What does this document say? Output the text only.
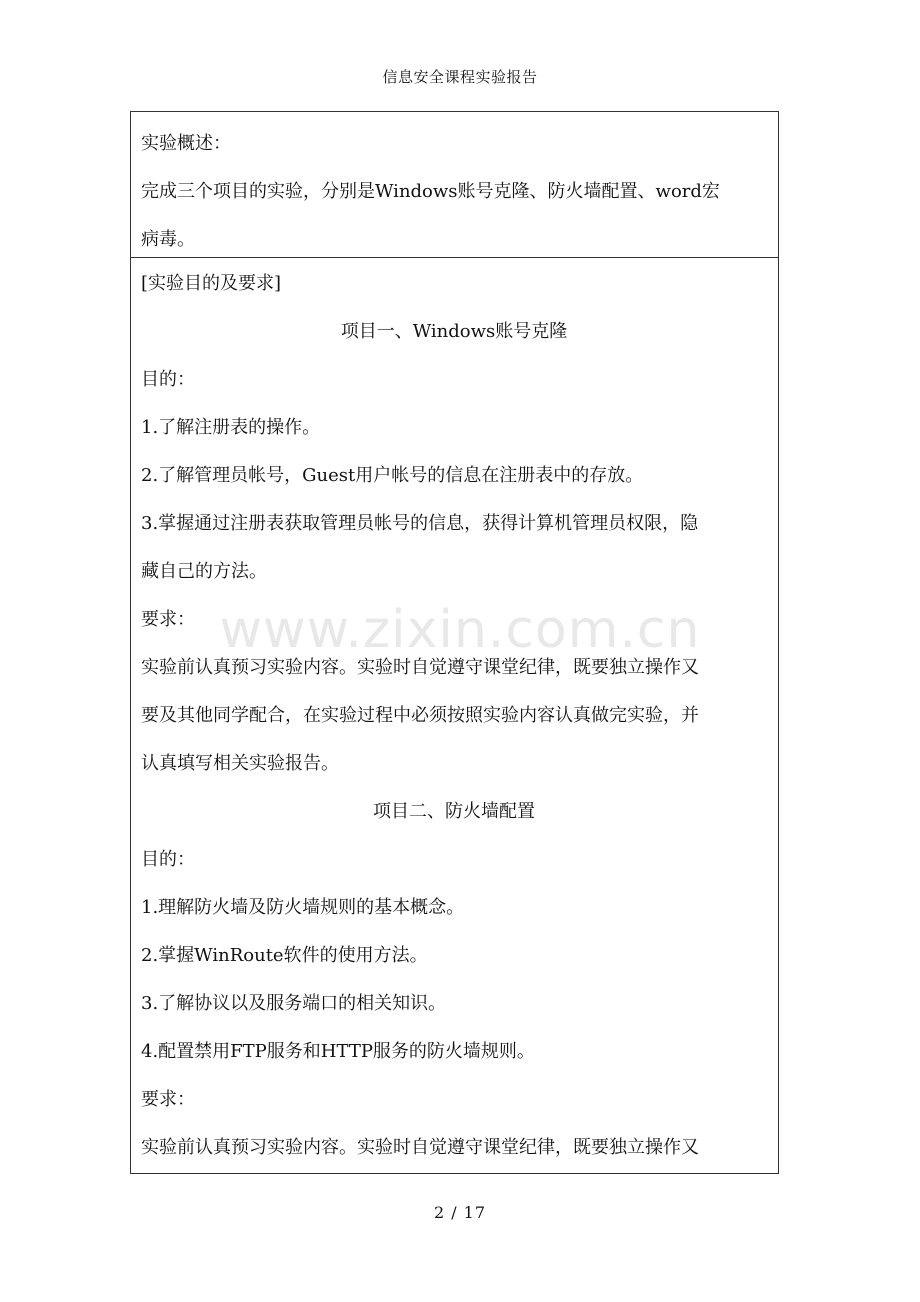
信息安全课程实验报告
实验概述：
完成三个项目的实验，分别是Windows账号克隆、防火墙配置、word宏
病毒。
[实验目的及要求]
项目一、Windows账号克隆
目的：
1.了解注册表的操作。
2.了解管理员帐号，Guest用户帐号的信息在注册表中的存放。
3.掌握通过注册表获取管理员帐号的信息，获得计算机管理员权限，隐
藏自己的方法。
要求：
实验前认真预习实验内容。实验时自觉遵守课堂纪律，既要独立操作又
要及其他同学配合，在实验过程中必须按照实验内容认真做完实验，并
认真填写相关实验报告。
项目二、防火墙配置
目的：
1.理解防火墙及防火墙规则的基本概念。
2.掌握WinRoute软件的使用方法。
3.了解协议以及服务端口的相关知识。
4.配置禁用FTP服务和HTTP服务的防火墙规则。
要求：
实验前认真预习实验内容。实验时自觉遵守课堂纪律，既要独立操作又
www.zixin.com.cn
2 / 17
